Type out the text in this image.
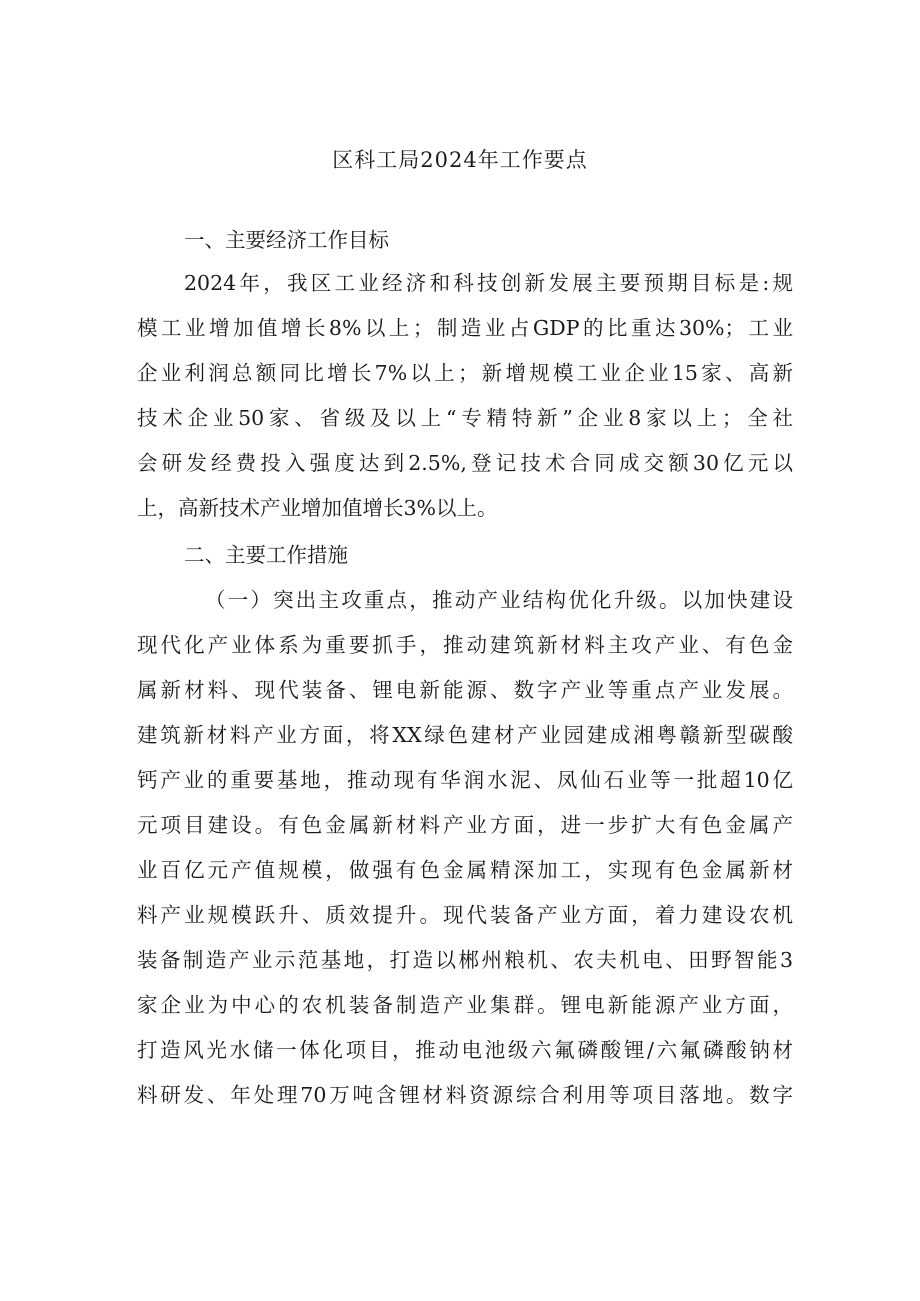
区科工局2024年工作要点

一、主要经济工作目标

2024年，我区工业经济和科技创新发展主要预期目标是:规

模工业增加值增长8%以上；制造业占GDP的比重达30%；工业

企业利润总额同比增长7%以上；新增规模工业企业15家、高新

技术企业50家、省级及以上“专精特新”企业8家以上；全社

会研发经费投入强度达到2.5%,登记技术合同成交额30亿元以

上，高新技术产业增加值增长3%以上。

二、主要工作措施

（一）突出主攻重点，推动产业结构优化升级。以加快建设

现代化产业体系为重要抓手，推动建筑新材料主攻产业、有色金

属新材料、现代装备、锂电新能源、数字产业等重点产业发展。

建筑新材料产业方面，将XX绿色建材产业园建成湘粤赣新型碳酸

钙产业的重要基地，推动现有华润水泥、凤仙石业等一批超10亿

元项目建设。有色金属新材料产业方面，进一步扩大有色金属产

业百亿元产值规模，做强有色金属精深加工，实现有色金属新材

料产业规模跃升、质效提升。现代装备产业方面，着力建设农机

装备制造产业示范基地，打造以郴州粮机、农夫机电、田野智能3

家企业为中心的农机装备制造产业集群。锂电新能源产业方面，

打造风光水储一体化项目，推动电池级六氟磷酸锂/六氟磷酸钠材

料研发、年处理70万吨含锂材料资源综合利用等项目落地。数字
